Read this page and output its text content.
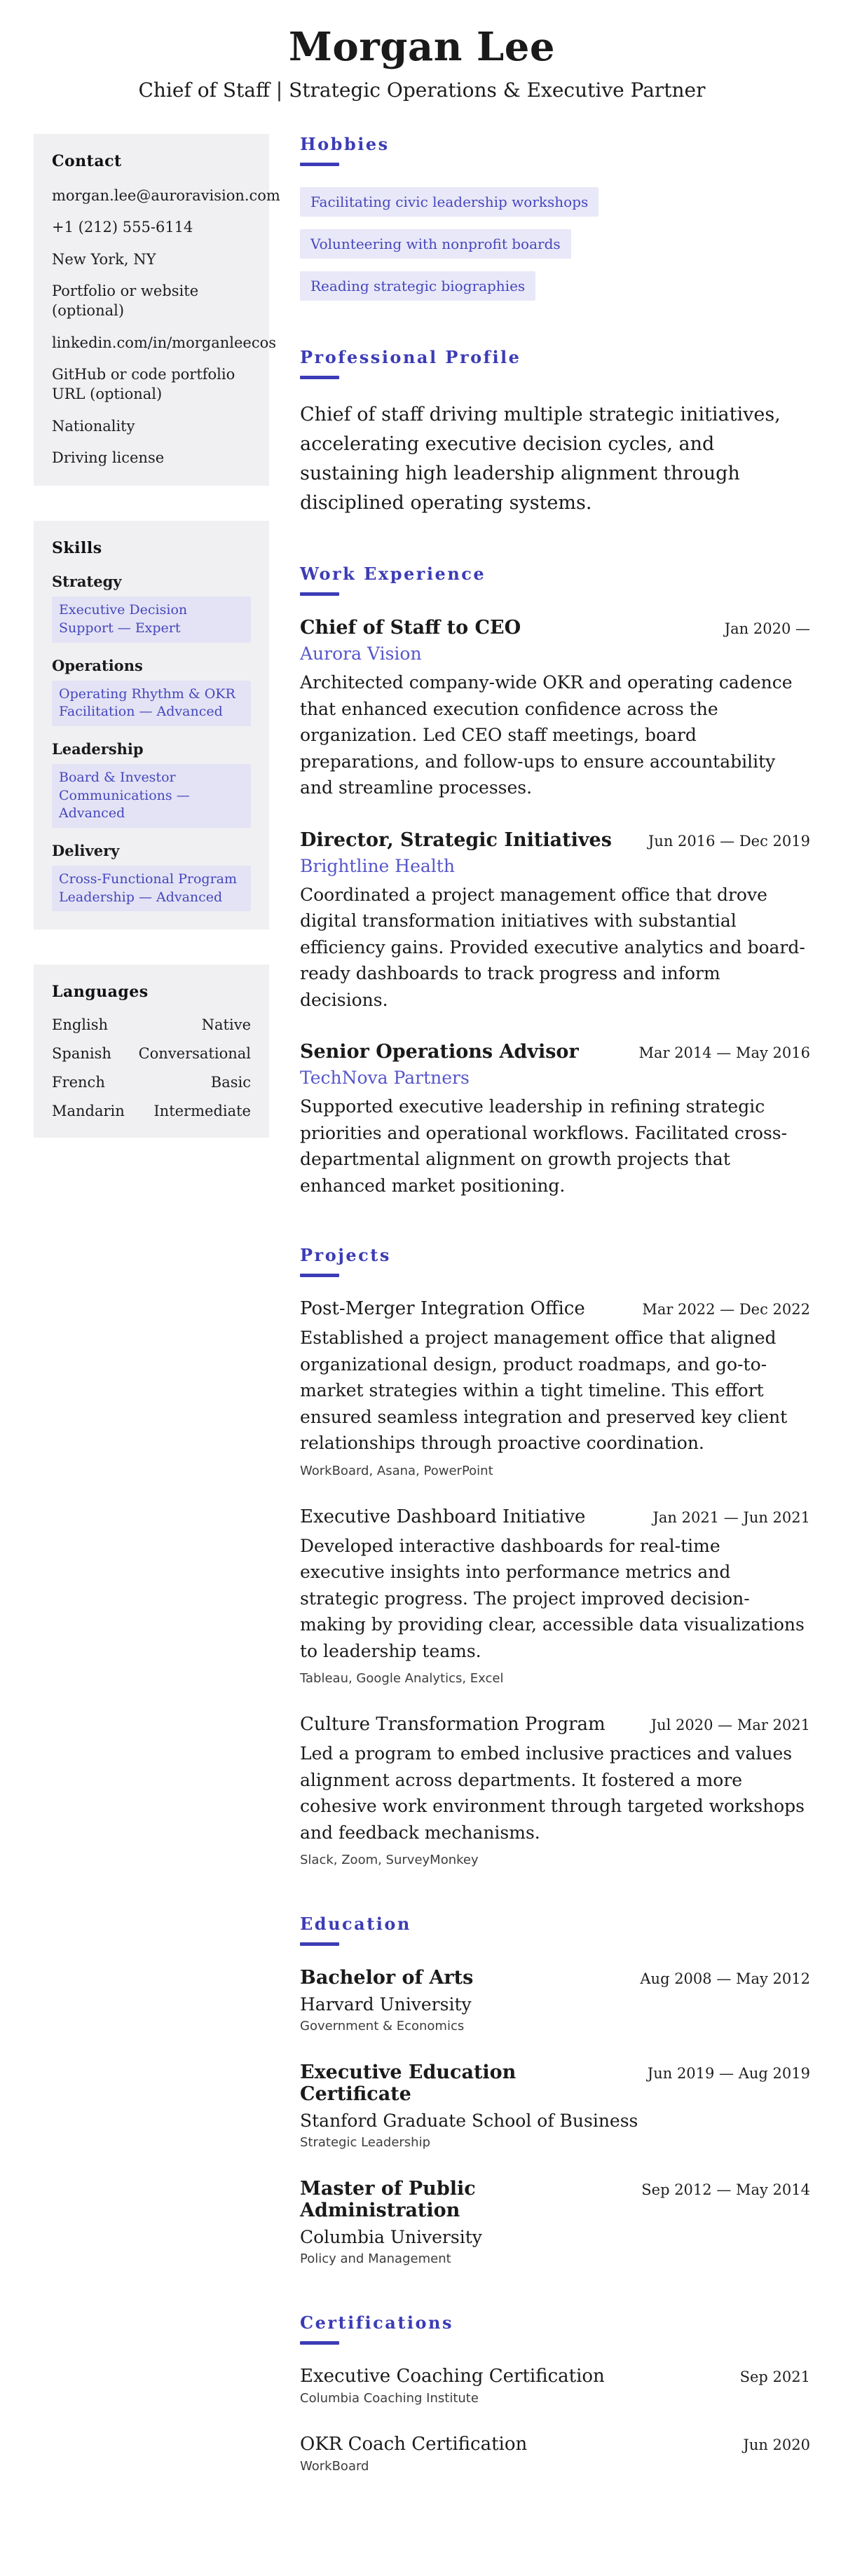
Morgan Lee
Chief of Staff | Strategic Operations & Executive Partner
Contact
morgan.lee@auroravision.com
+1 (212) 555-6114
New York, NY
Portfolio or website (optional)
linkedin.com/in/morganleecos
GitHub or code portfolio URL (optional)
Nationality
Driving license
Skills
Strategy
Executive Decision Support — Expert
Operations
Operating Rhythm & OKR Facilitation — Advanced
Leadership
Board & Investor Communications — Advanced
Delivery
Cross-Functional Program Leadership — Advanced
Languages
English	Native
Spanish Conversational
French	Basic
Mandarin Intermediate
Hobbies
Facilitating civic leadership workshops
Volunteering with nonprofit boards
Reading strategic biographies
Professional Profile

Chief of staff driving multiple strategic initiatives, accelerating executive decision cycles, and sustaining high leadership alignment through disciplined operating systems.

Work Experience
Chief of Staff to CEO	Jan 2020 —
Aurora Vision

Architected company-wide OKR and operating cadence that enhanced execution confidence across the organization. Led CEO staff meetings, board preparations, and follow-ups to ensure accountability and streamline processes.

Director, Strategic Initiatives Jun 2016 — Dec 2019
Brightline Health

Coordinated a project management office that drove digital transformation initiatives with substantial efficiency gains. Provided executive analytics and board-ready dashboards to track progress and inform decisions.

Senior Operations Advisor	Mar 2014 — May 2016
TechNova Partners

Supported executive leadership in refining strategic priorities and operational workflows. Facilitated cross-departmental alignment on growth projects that enhanced market positioning.

Projects
Post-Merger Integration Office	Mar 2022 — Dec 2022

Established a project management office that aligned organizational design, product roadmaps, and go-to-market strategies within a tight timeline. This effort ensured seamless integration and preserved key client relationships through proactive coordination.

WorkBoard, Asana, PowerPoint
Executive Dashboard Initiative	Jan 2021 — Jun 2021

Developed interactive dashboards for real-time executive insights into performance metrics and strategic progress. The project improved decision-making by providing clear, accessible data visualizations to leadership teams.

Tableau, Google Analytics, Excel
Culture Transformation Program	Jul 2020 — Mar 2021

Led a program to embed inclusive practices and values alignment across departments. It fostered a more cohesive work environment through targeted workshops and feedback mechanisms.

Slack, Zoom, SurveyMonkey
Education
Bachelor of Arts	Aug 2008 — May 2012
Harvard University
Government & Economics
Executive Education Certificate
Jun 2019 — Aug 2019
Stanford Graduate School of Business
Strategic Leadership
Master of Public Administration
Sep 2012 — May 2014
Columbia University
Policy and Management
Certifications
Executive Coaching Certification	Sep 2021
Columbia Coaching Institute
OKR Coach Certification	Jun 2020
WorkBoard
